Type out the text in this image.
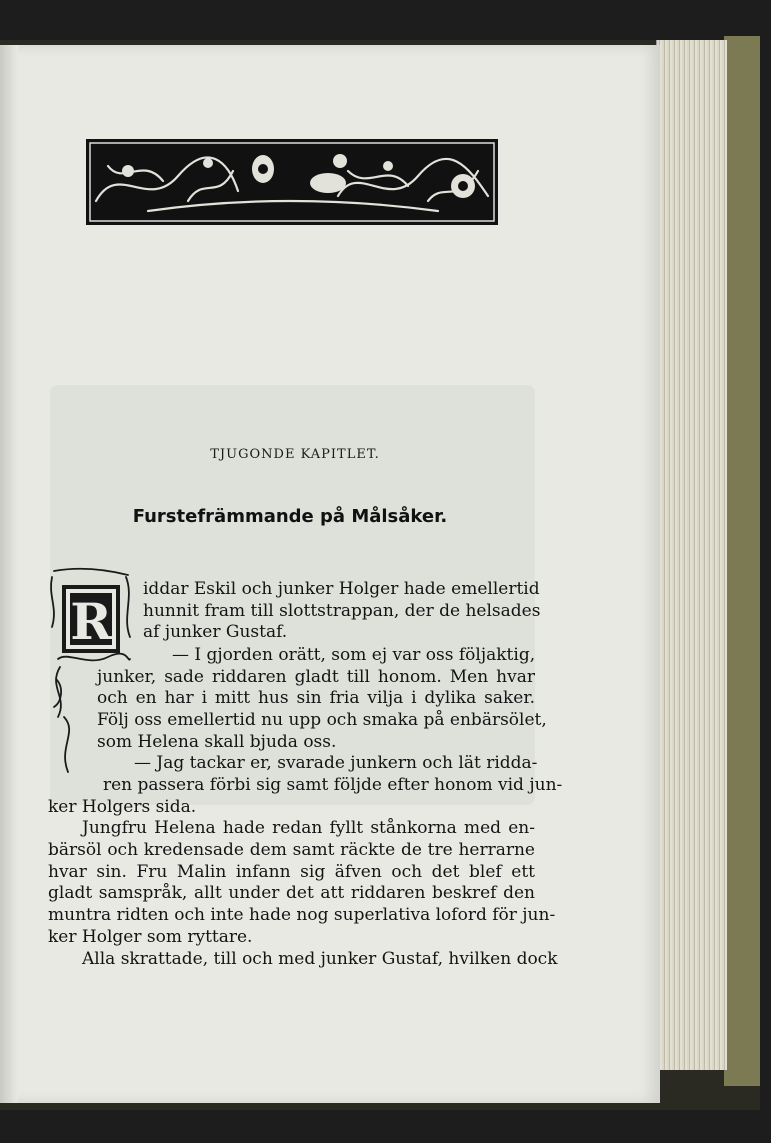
TJUGONDE KAPITLET.
Furstefrämmande på Målsåker.
R
iddar Eskil och junker Holger hade emellertid
hunnit fram till slottstrappan, der de helsades
af junker Gustaf.
— I gjorden orätt, som ej var oss följaktig,
junker, sade riddaren gladt till honom. Men hvar
och en har i mitt hus sin fria vilja i dylika saker.
Följ oss emellertid nu upp och smaka på enbärsölet,
som Helena skall bjuda oss.
— Jag tackar er, svarade junkern och lät ridda-
ren passera förbi sig samt följde efter honom vid jun-
ker Holgers sida.
Jungfru Helena hade redan fyllt stånkorna med en-
bärsöl och kredensade dem samt räckte de tre herrarne
hvar sin. Fru Malin infann sig äfven och det blef ett
gladt samspråk, allt under det att riddaren beskref den
muntra ridten och inte hade nog superlativa loford för jun-
ker Holger som ryttare.
Alla skrattade, till och med junker Gustaf, hvilken dock
